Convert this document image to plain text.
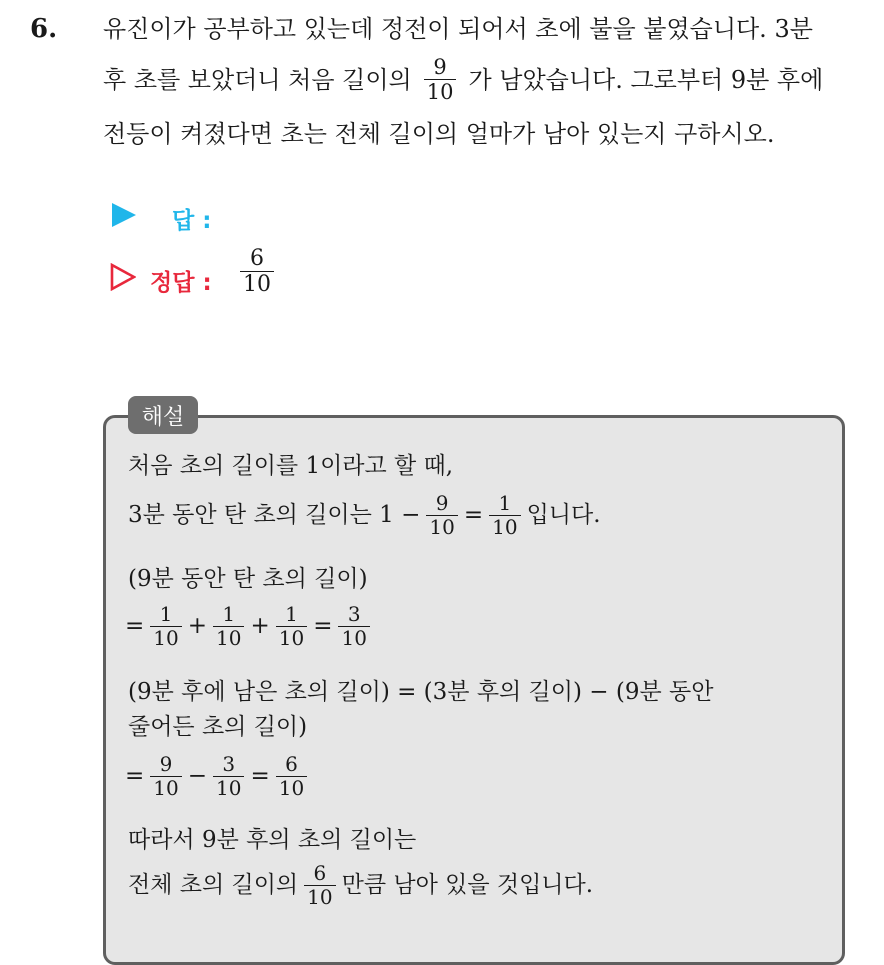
6. 유진이가 공부하고 있는데 정전이 되어서 초에 불을 붙였습니다. 3분
후 초를 보았더니 처음 길이의 $\frac{9}{10}$ 가 남았습니다. 그로부터 9분 후에
전등이 켜졌다면 초는 전체 길이의 얼마가 남아 있는지 구하시오.
답 :
정답 : $\frac{6}{10}$
해설
처음 초의 길이를 1이라고 할 때,
3분 동안 탄 초의 길이는 $1 - \frac{9}{10} = \frac{1}{10}$ 입니다.
(9분 동안 탄 초의 길이)
= $\frac{1}{10} + \frac{1}{10} + \frac{1}{10} = \frac{3}{10}$
(9분 후에 남은 초의 길이) = (3분 후의 길이) − (9분 동안
줄어든 초의 길이)
= $\frac{9}{10} - \frac{3}{10} = \frac{6}{10}$
따라서 9분 후의 초의 길이는
전체 초의 길이의 $\frac{6}{10}$ 만큼 남아 있을 것입니다.
